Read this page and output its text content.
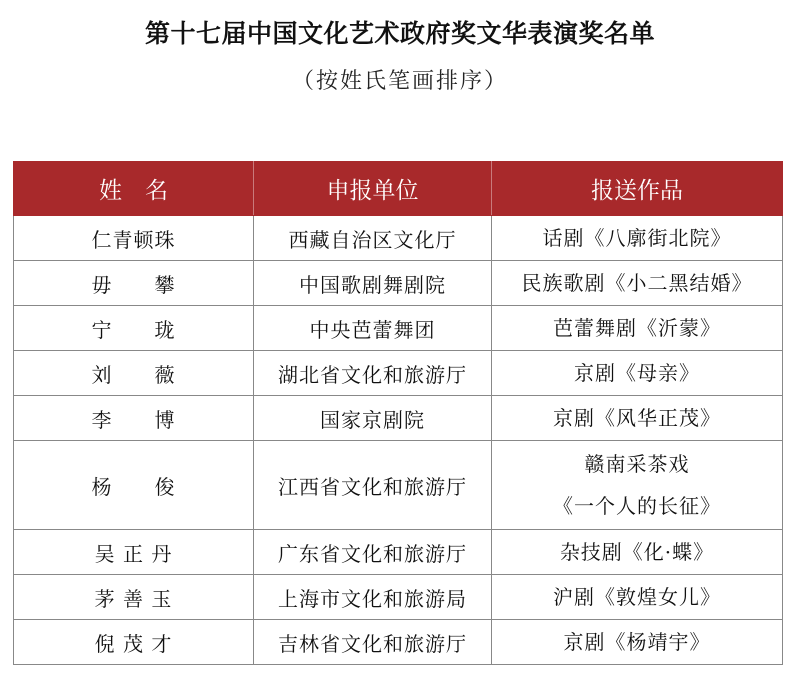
第十七届中国文化艺术政府奖文华表演奖名单
（按姓氏笔画排序）
姓　名	申报单位	报送作品
仁青顿珠	西藏自治区文化厅	话剧《八廓街北院》

毋　　攀	中国歌剧舞剧院	民族歌剧《小二黑结婚》

宁　　珑	中央芭蕾舞团	芭蕾舞剧《沂蒙》

刘　　薇	湖北省文化和旅游厅	京剧《母亲》

李　　博	国家京剧院	京剧《风华正茂》

杨　　俊	江西省文化和旅游厅	赣南采茶戏
《一个人的长征》

吴 正 丹	广东省文化和旅游厅	杂技剧《化·蝶》

茅 善 玉	上海市文化和旅游局	沪剧《敦煌女儿》

倪 茂 才	吉林省文化和旅游厅	京剧《杨靖宇》
